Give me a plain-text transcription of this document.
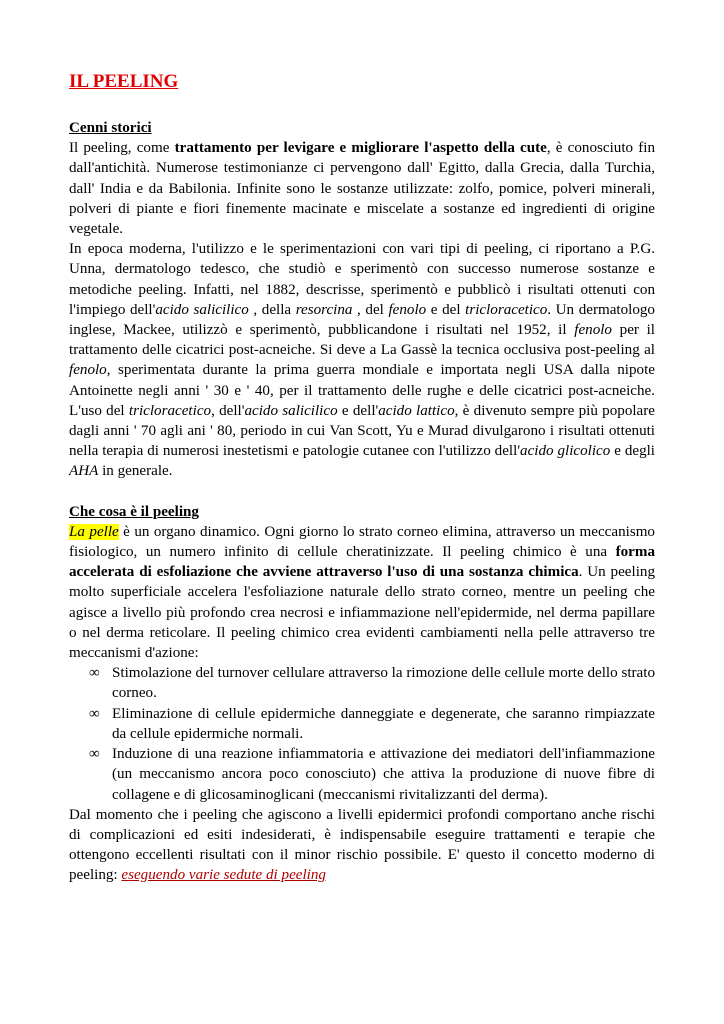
IL PEELING
Cenni storici

Il peeling, come trattamento per levigare e migliorare l'aspetto della cute, è conosciuto fin dall'antichità. Numerose testimonianze ci pervengono dall' Egitto, dalla Grecia, dalla Turchia, dall' India e da Babilonia. Infinite sono le sostanze utilizzate: zolfo, pomice, polveri minerali, polveri di piante e fiori finemente macinate e miscelate a sostanze ed ingredienti di origine vegetale.

In epoca moderna, l'utilizzo e le sperimentazioni con vari tipi di peeling, ci riportano a P.G. Unna, dermatologo tedesco, che studiò e sperimentò con successo numerose sostanze e metodiche peeling. Infatti, nel 1882, descrisse, sperimentò e pubblicò i risultati ottenuti con l'impiego dell'acido salicilico , della resorcina , del fenolo e del tricloracetico. Un dermatologo inglese, Mackee, utilizzò e sperimentò, pubblicandone i risultati nel 1952, il fenolo per il trattamento delle cicatrici post-acneiche. Si deve a La Gassè la tecnica occlusiva post-peeling al fenolo, sperimentata durante la prima guerra mondiale e importata negli USA dalla nipote Antoinette negli anni ' 30 e ' 40, per il trattamento delle rughe e delle cicatrici post-acneiche. L'uso del tricloracetico, dell'acido salicilico e dell'acido lattico, è divenuto sempre più popolare dagli anni ' 70 agli ani ' 80, periodo in cui Van Scott, Yu e Murad divulgarono i risultati ottenuti nella terapia di numerosi inestetismi e patologie cutanee con l'utilizzo dell'acido glicolico e degli AHA in generale.

Che cosa è il peeling

La pelle è un organo dinamico. Ogni giorno lo strato corneo elimina, attraverso un meccanismo fisiologico, un numero infinito di cellule cheratinizzate. Il peeling chimico è una forma accelerata di esfoliazione che avviene attraverso l'uso di una sostanza chimica. Un peeling molto superficiale accelera l'esfoliazione naturale dello strato corneo, mentre un peeling che agisce a livello più profondo crea necrosi e infiammazione nell'epidermide, nel derma papillare o nel derma reticolare. Il peeling chimico crea evidenti cambiamenti nella pelle attraverso tre meccanismi d'azione:

∞ Stimolazione del turnover cellulare attraverso la rimozione delle cellule morte dello strato corneo.
∞ Eliminazione di cellule epidermiche danneggiate e degenerate, che saranno rimpiazzate da cellule epidermiche normali.
∞ Induzione di una reazione infiammatoria e attivazione dei mediatori dell'infiammazione (un meccanismo ancora poco conosciuto) che attiva la produzione di nuove fibre di collagene e di glicosaminoglicani (meccanismi rivitalizzanti del derma).

Dal momento che i peeling che agiscono a livelli epidermici profondi comportano anche rischi di complicazioni ed esiti indesiderati, è indispensabile eseguire trattamenti e terapie che ottengono eccellenti risultati con il minor rischio possibile. E' questo il concetto moderno di peeling: eseguendo varie sedute di peeling
